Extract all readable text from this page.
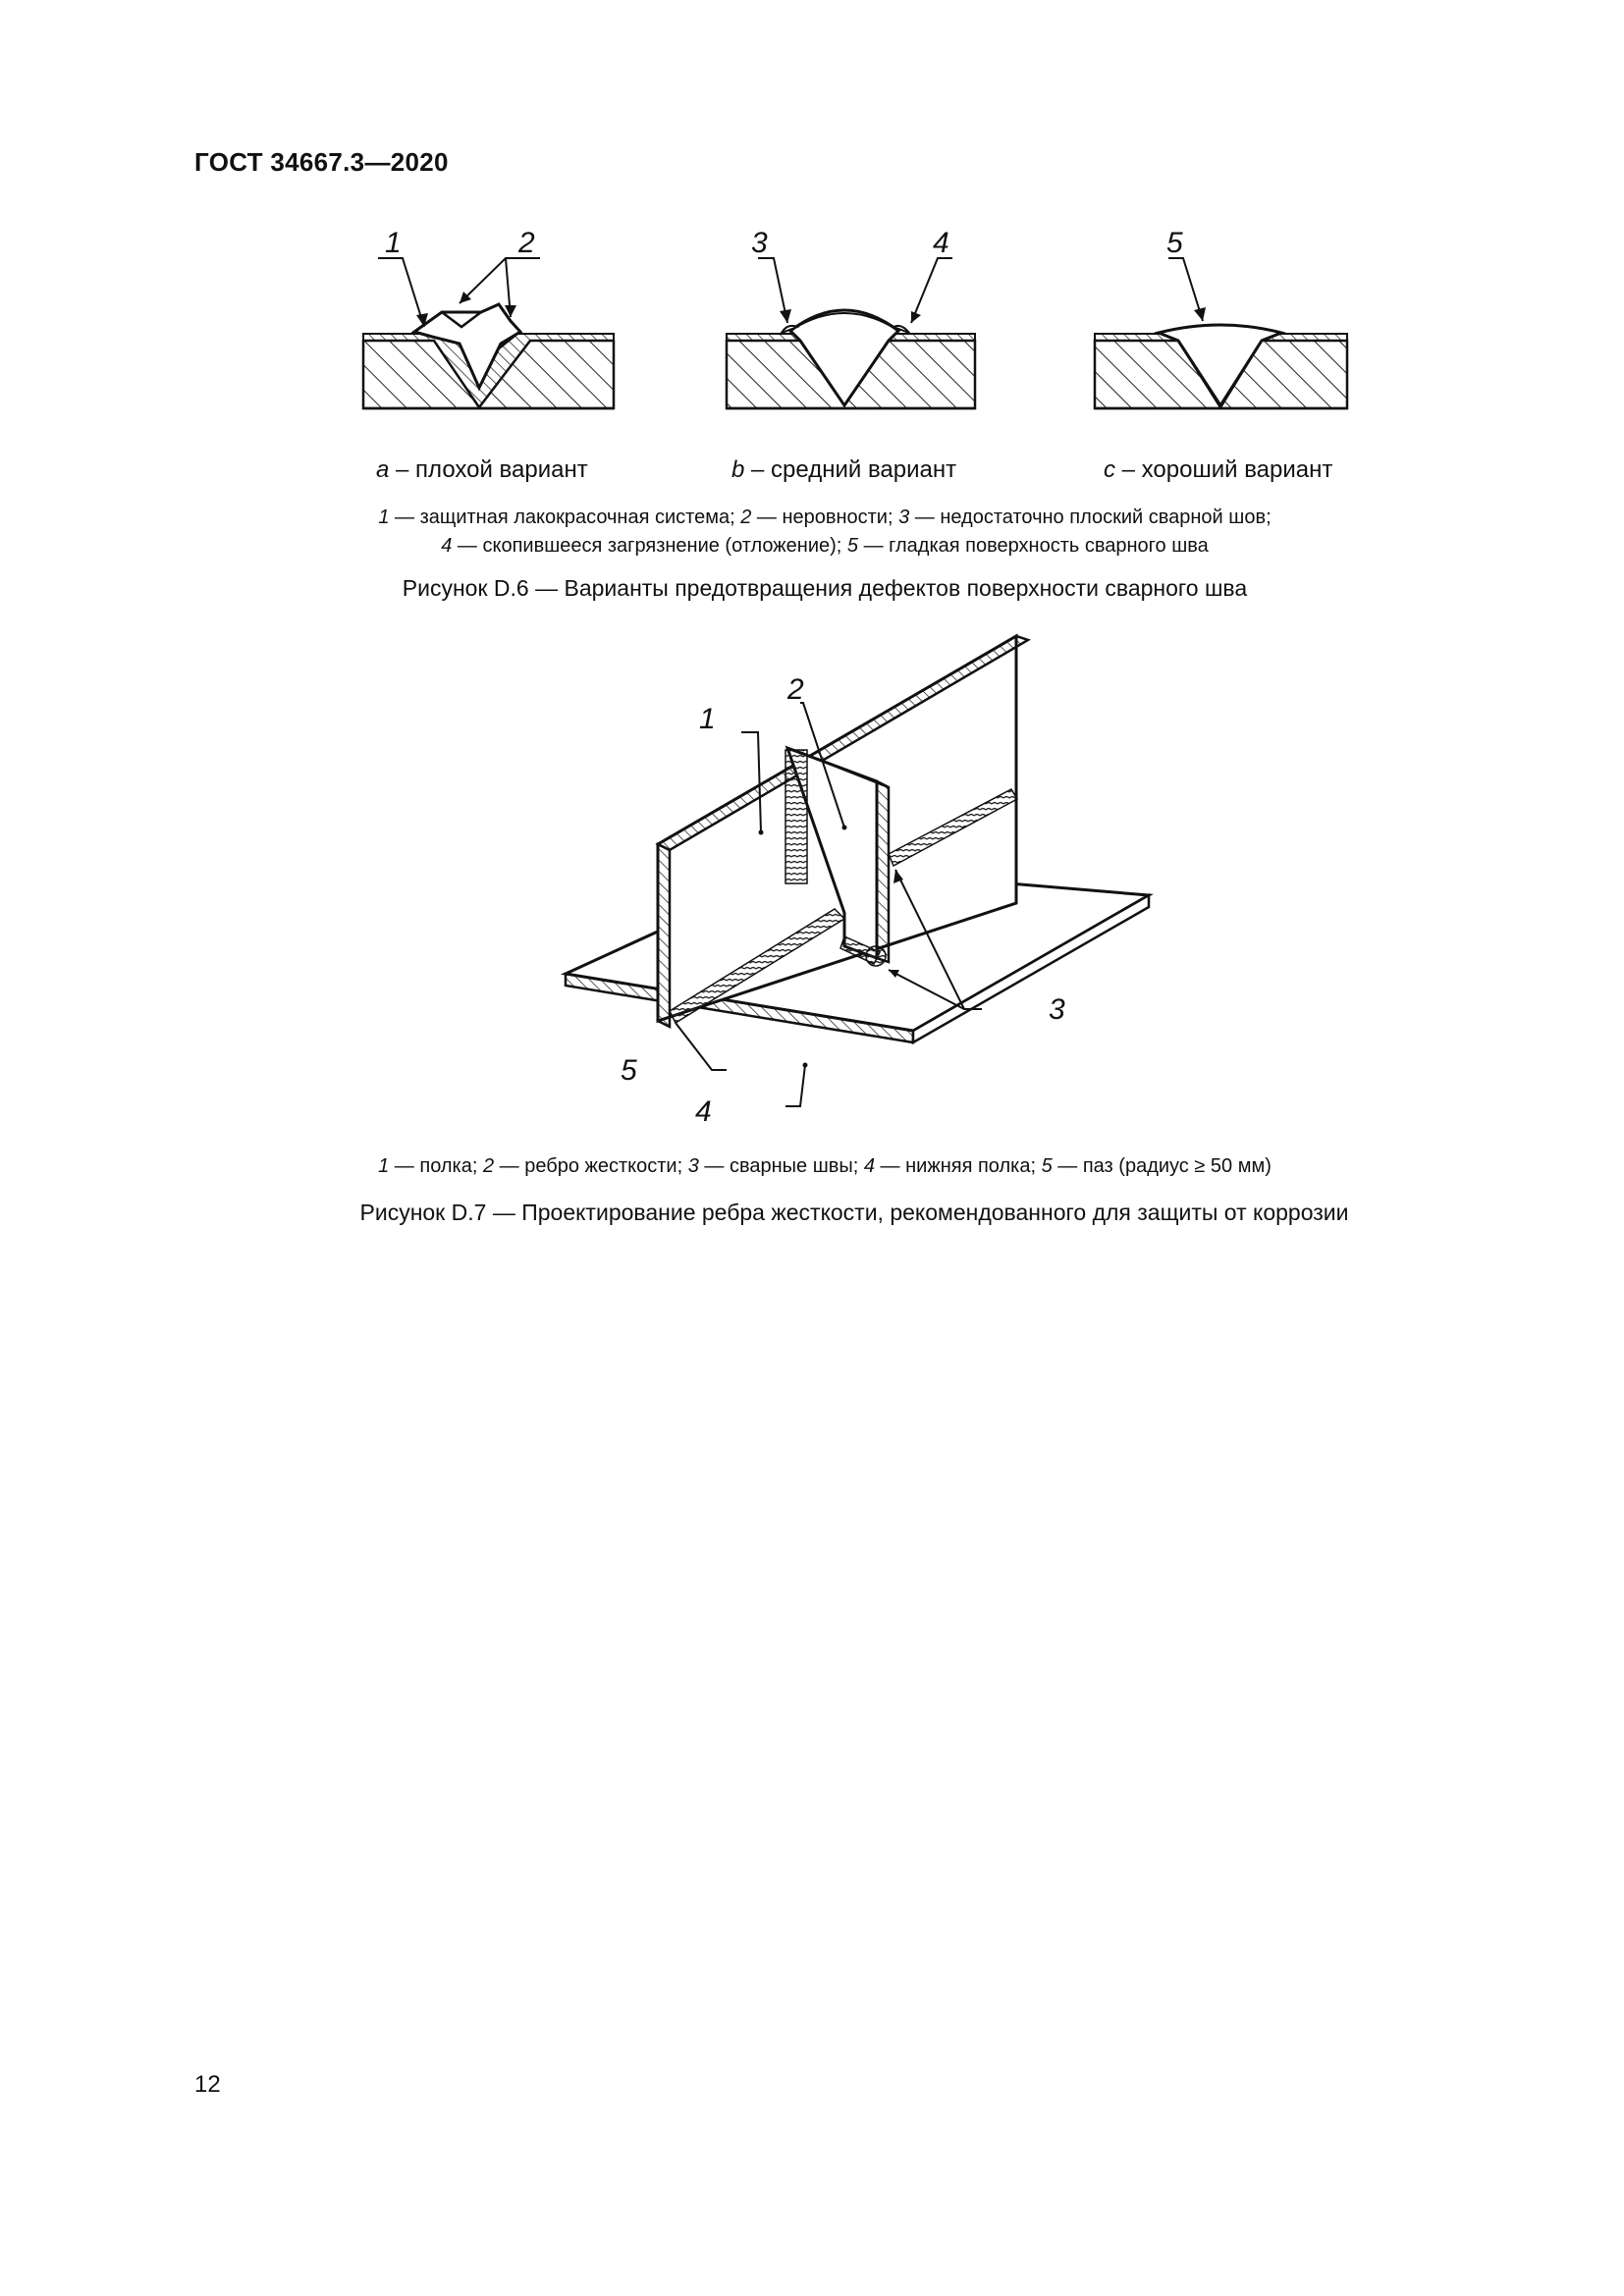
ГОСТ 34667.3—2020
1	2	3	4	5
a – плохой вариант	b – средний вариант	c – хороший вариант
1 — защитная лакокрасочная система; 2 — неровности; 3 — недостаточно плоский сварной шов;
4 — скопившееся загрязнение (отложение); 5 — гладкая поверхность сварного шва
Рисунок D.6 — Варианты предотвращения дефектов поверхности сварного шва
1
2
3
4
5
1 — полка; 2 — ребро жесткости; 3 — сварные швы; 4 — нижняя полка; 5 — паз (радиус ≥ 50 мм)
Рисунок D.7 — Проектирование ребра жесткости, рекомендованного для защиты от коррозии
12
